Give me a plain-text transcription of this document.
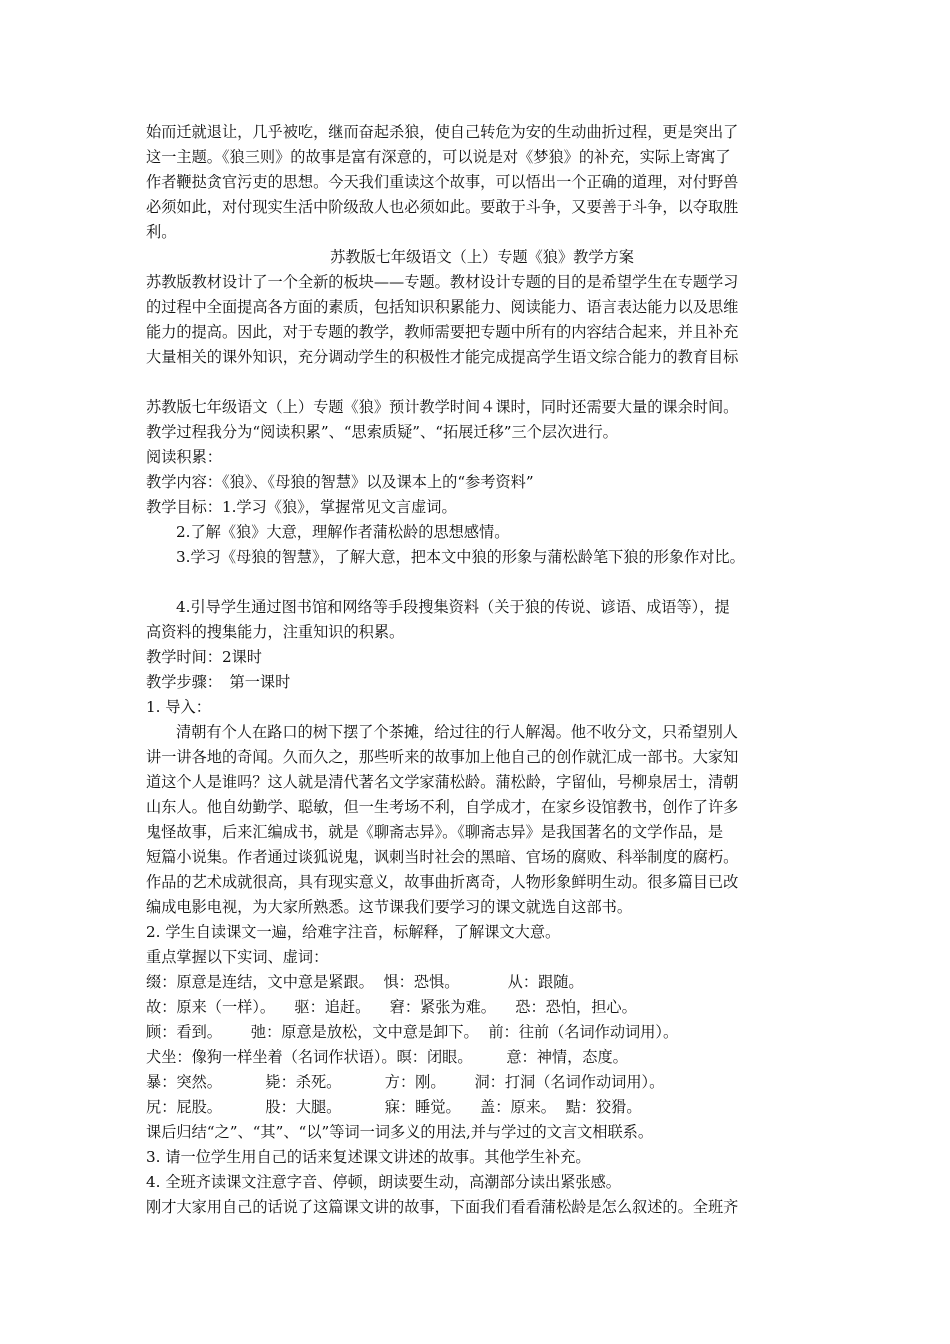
始而迁就退让，几乎被吃，继而奋起杀狼，使自己转危为安的生动曲折过程，更是突出了

这一主题。《狼三则》的故事是富有深意的，可以说是对《梦狼》的补充，实际上寄寓了

作者鞭挞贪官污吏的思想。今天我们重读这个故事，可以悟出一个正确的道理，对付野兽

必须如此，对付现实生活中阶级敌人也必须如此。要敢于斗争，又要善于斗争，以夺取胜

利。

苏教版七年级语文（上）专题《狼》教学方案

苏教版教材设计了一个全新的板块——专题。教材设计专题的目的是希望学生在专题学习

的过程中全面提高各方面的素质，包括知识积累能力、阅读能力、语言表达能力以及思维

能力的提高。因此，对于专题的教学，教师需要把专题中所有的内容结合起来，并且补充

大量相关的课外知识，充分调动学生的积极性才能完成提高学生语文综合能力的教育目标

苏教版七年级语文（上）专题《狼》预计教学时间４课时，同时还需要大量的课余时间。

教学过程我分为“阅读积累”、“思索质疑”、“拓展迁移”三个层次进行。

阅读积累：

教学内容：《狼》、《母狼的智慧》以及课本上的“参考资料”

教学目标：1.学习《狼》，掌握常见文言虚词。

2.了解《狼》大意，理解作者蒲松龄的思想感情。

3.学习《母狼的智慧》，了解大意，把本文中狼的形象与蒲松龄笔下狼的形象作对比。

4.引导学生通过图书馆和网络等手段搜集资料（关于狼的传说、谚语、成语等），提

高资料的搜集能力，注重知识的积累。

教学时间：2课时

教学步骤：　第一课时

1. 导入：

清朝有个人在路口的树下摆了个茶摊，给过往的行人解渴。他不收分文，只希望别人

讲一讲各地的奇闻。久而久之，那些听来的故事加上他自己的创作就汇成一部书。大家知

道这个人是谁吗？这人就是清代著名文学家蒲松龄。蒲松龄，字留仙，号柳泉居士，清朝

山东人。他自幼勤学、聪敏，但一生考场不利，自学成才，在家乡设馆教书，创作了许多

鬼怪故事，后来汇编成书，就是《聊斋志异》。《聊斋志异》是我国著名的文学作品，是

短篇小说集。作者通过谈狐说鬼，讽刺当时社会的黑暗、官场的腐败、科举制度的腐朽。

作品的艺术成就很高，具有现实意义，故事曲折离奇，人物形象鲜明生动。很多篇目已改

编成电影电视，为大家所熟悉。这节课我们要学习的课文就选自这部书。

2. 学生自读课文一遍，给难字注音，标解释，了解课文大意。

重点掌握以下实词、虚词：

缀：原意是连结，文中意是紧跟。  惧：恐惧。          从：跟随。

故：原来（一样）。    驱：追赶。    窘：紧张为难。    恐：恐怕，担心。

顾：看到。      弛：原意是放松，文中意是卸下。  前：往前（名词作动词用）。

犬坐：像狗一样坐着（名词作状语）。暝：闭眼。       意：神情，态度。

暴：突然。         毙：杀死。         方：刚。      洞：打洞（名词作动词用）。

尻：屁股。         股：大腿。         寐：睡觉。    盖：原来。  黠：狡猾。

课后归结“之”、“其”、“以”等词一词多义的用法,并与学过的文言文相联系。

3. 请一位学生用自己的话来复述课文讲述的故事。其他学生补充。

4. 全班齐读课文注意字音、停顿，朗读要生动，高潮部分读出紧张感。

刚才大家用自己的话说了这篇课文讲的故事，下面我们看看蒲松龄是怎么叙述的。全班齐
